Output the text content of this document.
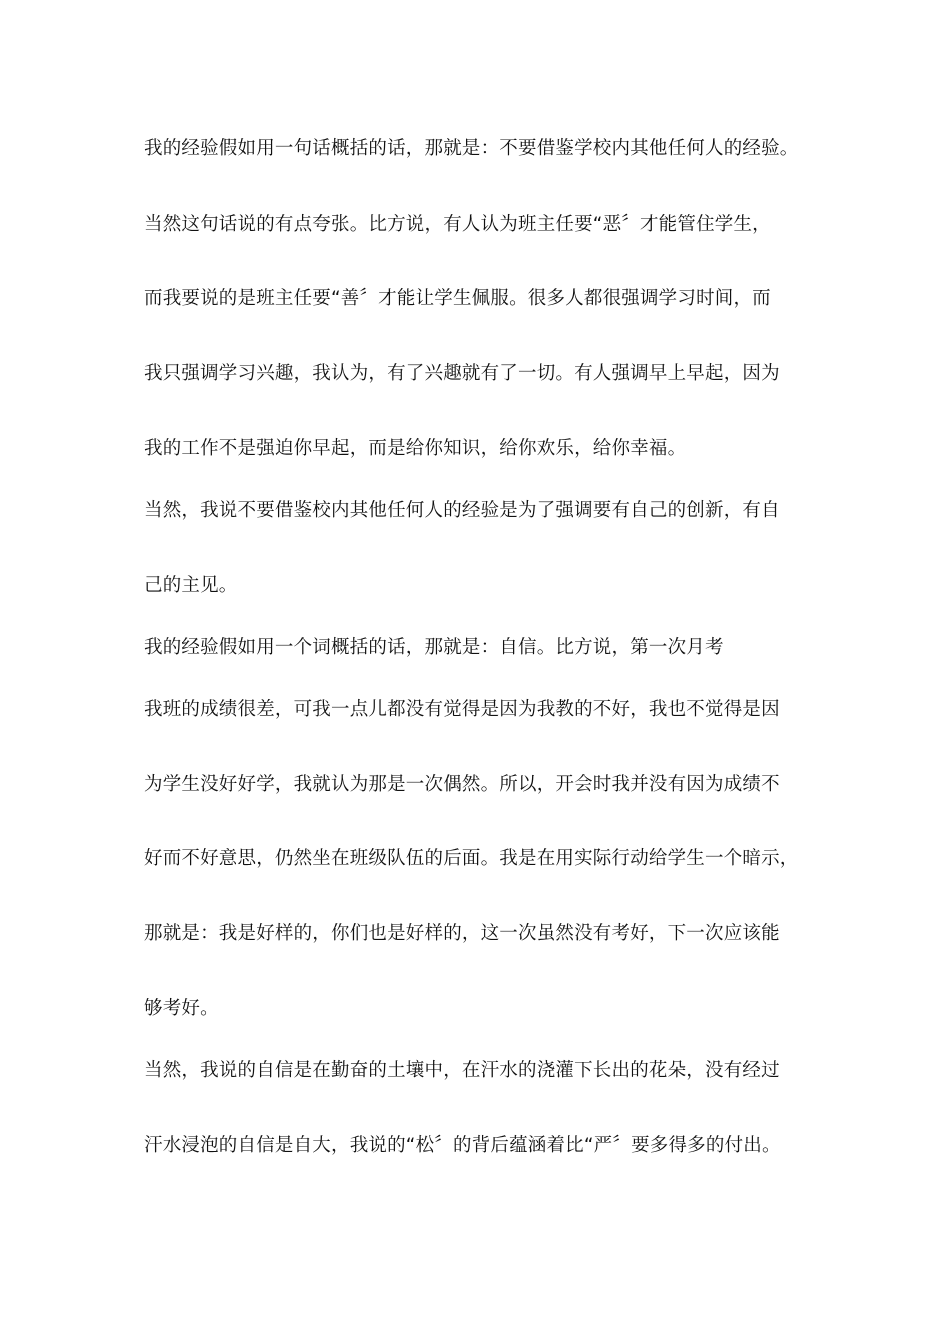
我的经验假如用一句话概括的话，那就是：不要借鉴学校内其他任何人的经验。
当然这句话说的有点夸张。比方说，有人认为班主任要“恶〞才能管住学生，
而我要说的是班主任要“善〞才能让学生佩服。很多人都很强调学习时间，而
我只强调学习兴趣，我认为，有了兴趣就有了一切。有人强调早上早起，因为
我的工作不是强迫你早起，而是给你知识，给你欢乐，给你幸福。
当然，我说不要借鉴校内其他任何人的经验是为了强调要有自己的创新，有自
己的主见。
我的经验假如用一个词概括的话，那就是：自信。比方说，第一次月考
我班的成绩很差，可我一点儿都没有觉得是因为我教的不好，我也不觉得是因
为学生没好好学，我就认为那是一次偶然。所以，开会时我并没有因为成绩不
好而不好意思，仍然坐在班级队伍的后面。我是在用实际行动给学生一个暗示，
那就是：我是好样的，你们也是好样的，这一次虽然没有考好，下一次应该能
够考好。
当然，我说的自信是在勤奋的土壤中，在汗水的浇灌下长出的花朵，没有经过
汗水浸泡的自信是自大，我说的“松〞的背后蕴涵着比“严〞要多得多的付出。
